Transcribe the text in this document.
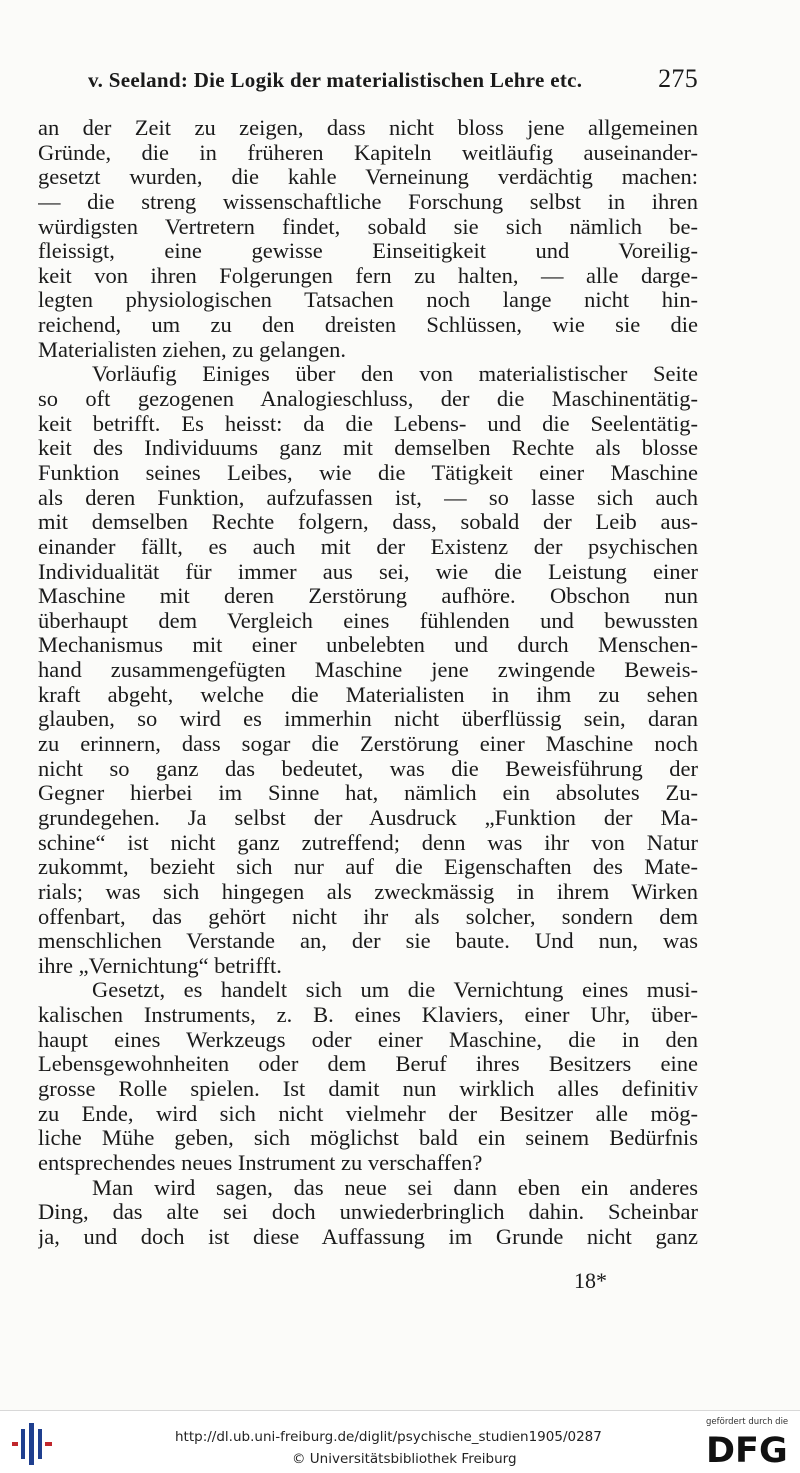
v. Seeland: Die Logik der materialistischen Lehre etc.	275

an der Zeit zu zeigen, dass nicht bloss jene allgemeinen
Gründe, die in früheren Kapiteln weitläufig auseinander-
gesetzt wurden, die kahle Verneinung verdächtig machen:
— die streng wissenschaftliche Forschung selbst in ihren
würdigsten Vertretern findet, sobald sie sich nämlich be-
fleissigt, eine gewisse Einseitigkeit und Voreilig-
keit von ihren Folgerungen fern zu halten, — alle darge-
legten physiologischen Tatsachen noch lange nicht hin-
reichend, um zu den dreisten Schlüssen, wie sie die
Materialisten ziehen, zu gelangen.

Vorläufig Einiges über den von materialistischer Seite
so oft gezogenen Analogieschluss, der die Maschinentätig-
keit betrifft. Es heisst: da die Lebens- und die Seelentätig-
keit des Individuums ganz mit demselben Rechte als blosse
Funktion seines Leibes, wie die Tätigkeit einer Maschine
als deren Funktion, aufzufassen ist, — so lasse sich auch
mit demselben Rechte folgern, dass, sobald der Leib aus-
einander fällt, es auch mit der Existenz der psychischen
Individualität für immer aus sei, wie die Leistung einer
Maschine mit deren Zerstörung aufhöre. Obschon nun
überhaupt dem Vergleich eines fühlenden und bewussten
Mechanismus mit einer unbelebten und durch Menschen-
hand zusammengefügten Maschine jene zwingende Beweis-
kraft abgeht, welche die Materialisten in ihm zu sehen
glauben, so wird es immerhin nicht überflüssig sein, daran
zu erinnern, dass sogar die Zerstörung einer Maschine noch
nicht so ganz das bedeutet, was die Beweisführung der
Gegner hierbei im Sinne hat, nämlich ein absolutes Zu-
grundegehen. Ja selbst der Ausdruck „Funktion der Ma-
schine“ ist nicht ganz zutreffend; denn was ihr von Natur
zukommt, bezieht sich nur auf die Eigenschaften des Mate-
rials; was sich hingegen als zweckmässig in ihrem Wirken
offenbart, das gehört nicht ihr als solcher, sondern dem
menschlichen Verstande an, der sie baute. Und nun, was
ihre „Vernichtung“ betrifft.

Gesetzt, es handelt sich um die Vernichtung eines musi-
kalischen Instruments, z. B. eines Klaviers, einer Uhr, über-
haupt eines Werkzeugs oder einer Maschine, die in den
Lebensgewohnheiten oder dem Beruf ihres Besitzers eine
grosse Rolle spielen. Ist damit nun wirklich alles definitiv
zu Ende, wird sich nicht vielmehr der Besitzer alle mög-
liche Mühe geben, sich möglichst bald ein seinem Bedürfnis
entsprechendes neues Instrument zu verschaffen?

Man wird sagen, das neue sei dann eben ein anderes
Ding, das alte sei doch unwiederbringlich dahin. Scheinbar
ja, und doch ist diese Auffassung im Grunde nicht ganz

18*
http://dl.ub.uni-freiburg.de/diglit/psychische_studien1905/0287
© Universitätsbibliothek Freiburg
gefördert durch die
DFG
